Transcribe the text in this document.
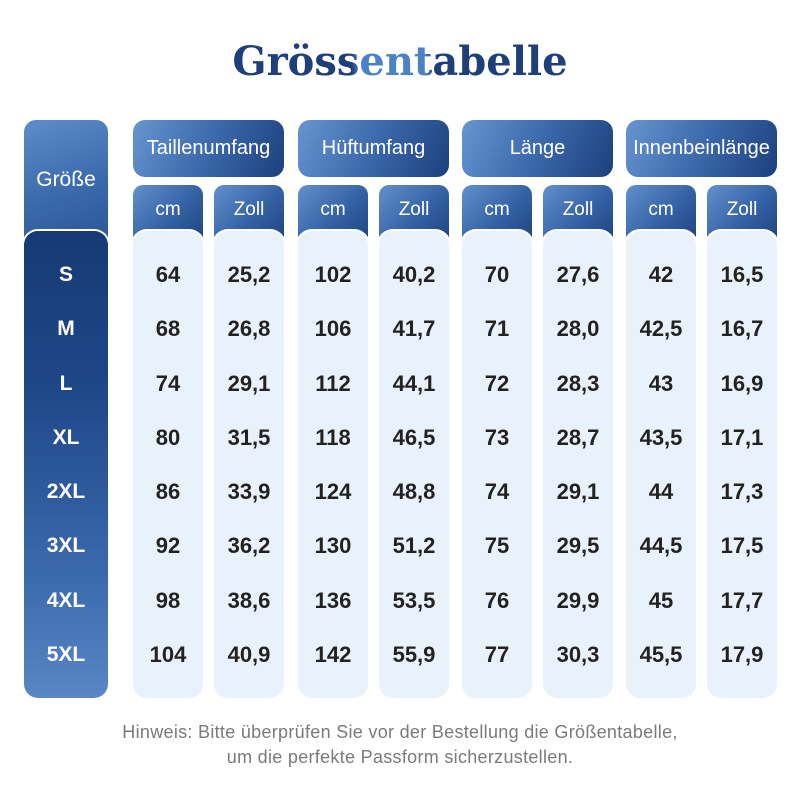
Grössentabelle
Größe
Taillenumfang	Hüftumfang	Länge	Innenbeinlänge
cm	Zoll	cm	Zoll	cm	Zoll	cm	Zoll
S	64	25,2	102	40,2	70	27,6	42	16,5
M	68	26,8	106	41,7	71	28,0	42,5	16,7
L	74	29,1	112	44,1	72	28,3	43	16,9
XL	80	31,5	118	46,5	73	28,7	43,5	17,1
2XL	86	33,9	124	48,8	74	29,1	44	17,3
3XL	92	36,2	130	51,2	75	29,5	44,5	17,5
4XL	98	38,6	136	53,5	76	29,9	45	17,7
5XL	104	40,9	142	55,9	77	30,3	45,5	17,9
Hinweis: Bitte überprüfen Sie vor der Bestellung die Größentabelle,
um die perfekte Passform sicherzustellen.
